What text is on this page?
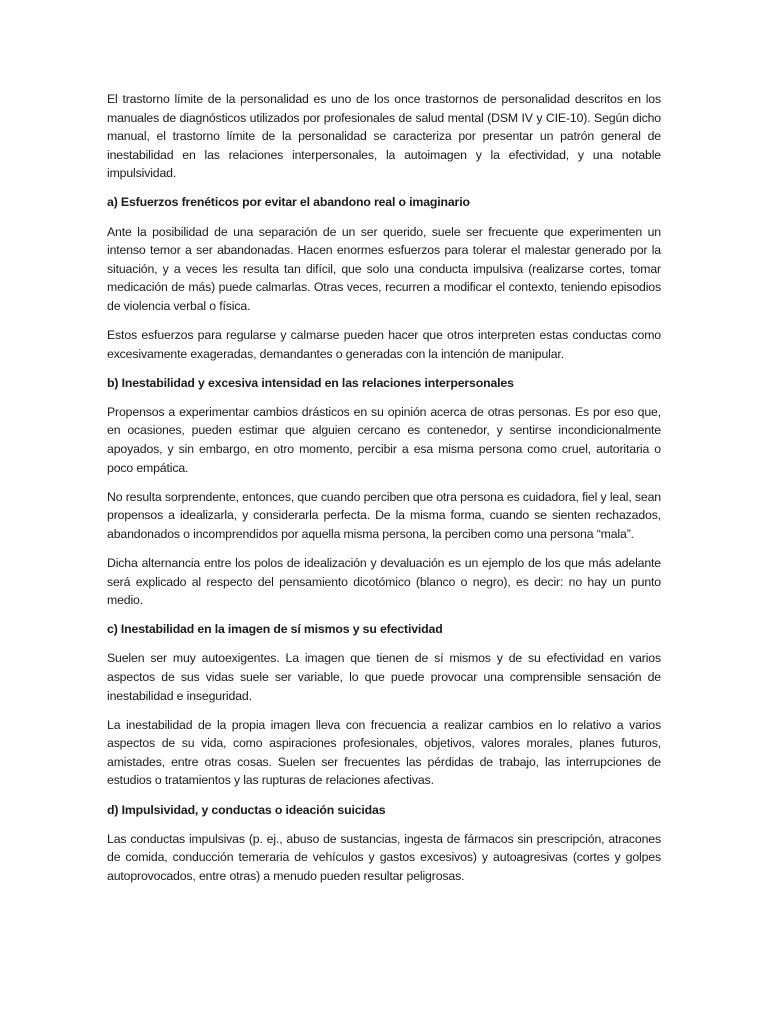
El trastorno límite de la personalidad es uno de los once trastornos de personalidad descritos en los manuales de diagnósticos utilizados por profesionales de salud mental (DSM IV y CIE-10). Según dicho manual, el trastorno límite de la personalidad se caracteriza por presentar un patrón general de inestabilidad en las relaciones interpersonales, la autoimagen y la efectividad, y una notable impulsividad.

a) Esfuerzos frenéticos por evitar el abandono real o imaginario

Ante la posibilidad de una separación de un ser querido, suele ser frecuente que experimenten un intenso temor a ser abandonadas. Hacen enormes esfuerzos para tolerar el malestar generado por la situación, y a veces les resulta tan difícil, que solo una conducta impulsiva (realizarse cortes, tomar medicación de más) puede calmarlas. Otras veces, recurren a modificar el contexto, teniendo episodios de violencia verbal o física.

Estos esfuerzos para regularse y calmarse pueden hacer que otros interpreten estas conductas como excesivamente exageradas, demandantes o generadas con la intención de manipular.

b) Inestabilidad y excesiva intensidad en las relaciones interpersonales

Propensos a experimentar cambios drásticos en su opinión acerca de otras personas. Es por eso que, en ocasiones, pueden estimar que alguien cercano es contenedor, y sentirse incondicionalmente apoyados, y sin embargo, en otro momento, percibir a esa misma persona como cruel, autoritaria o poco empática.

No resulta sorprendente, entonces, que cuando perciben que otra persona es cuidadora, fiel y leal, sean propensos a idealizarla, y considerarla perfecta. De la misma forma, cuando se sienten rechazados, abandonados o incomprendidos por aquella misma persona, la perciben como una persona “mala”.

Dicha alternancia entre los polos de idealización y devaluación es un ejemplo de los que más adelante será explicado al respecto del pensamiento dicotómico (blanco o negro), es decir: no hay un punto medio.

c) Inestabilidad en la imagen de sí mismos y su efectividad

Suelen ser muy autoexigentes. La imagen que tienen de sí mismos y de su efectividad en varios aspectos de sus vidas suele ser variable, lo que puede provocar una comprensible sensación de inestabilidad e inseguridad.

La inestabilidad de la propia imagen lleva con frecuencia a realizar cambios en lo relativo a varios aspectos de su vida, como aspiraciones profesionales, objetivos, valores morales, planes futuros, amistades, entre otras cosas. Suelen ser frecuentes las pérdidas de trabajo, las interrupciones de estudios o tratamientos y las rupturas de relaciones afectivas.

d) Impulsividad, y conductas o ideación suicidas

Las conductas impulsivas (p. ej., abuso de sustancias, ingesta de fármacos sin prescripción, atracones de comida, conducción temeraria de vehículos y gastos excesivos) y autoagresivas (cortes y golpes autoprovocados, entre otras) a menudo pueden resultar peligrosas.
